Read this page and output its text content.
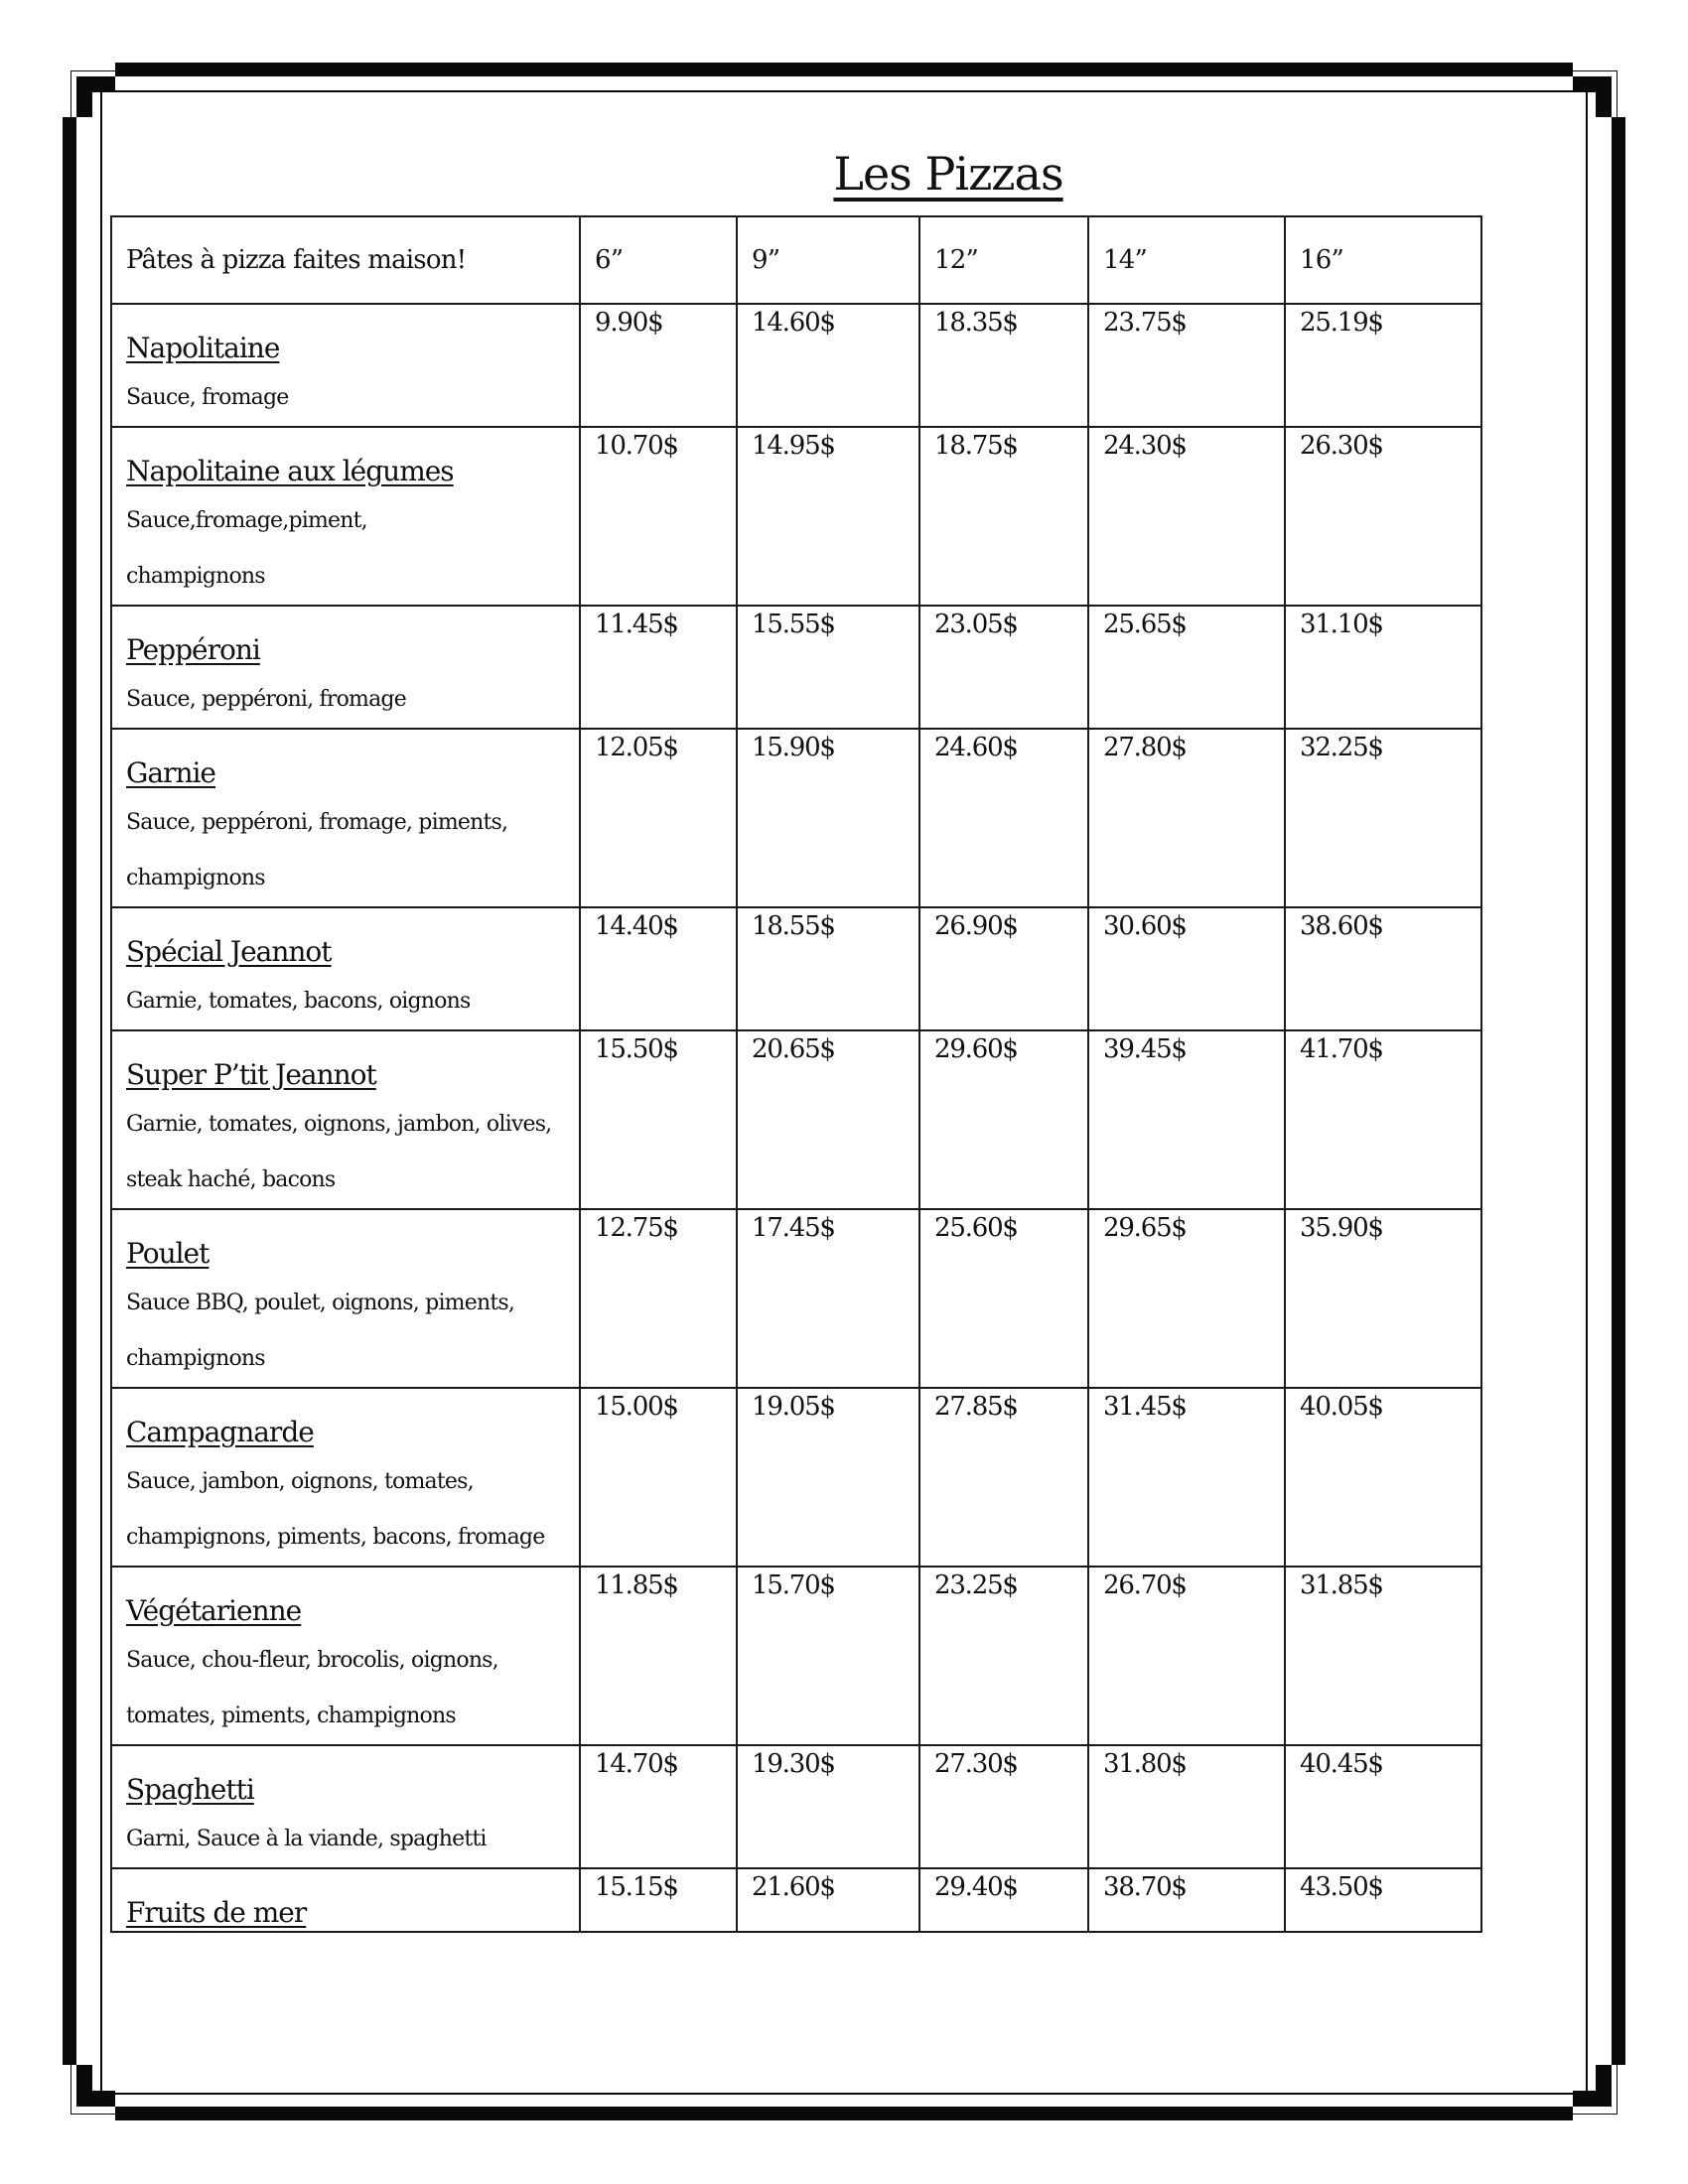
Les Pizzas
Pâtes à pizza faites maison!	6”	9”	12”	14”	16”

Napolitaine
Sauce, fromage	9.90$	14.60$	18.35$	23.75$	25.19$

Napolitaine aux légumes
Sauce,fromage,piment,
champignons	10.70$	14.95$	18.75$	24.30$	26.30$

Peppéroni
Sauce, peppéroni, fromage	11.45$	15.55$	23.05$	25.65$	31.10$

Garnie
Sauce, peppéroni, fromage, piments,
champignons	12.05$	15.90$	24.60$	27.80$	32.25$

Spécial Jeannot
Garnie, tomates, bacons, oignons	14.40$	18.55$	26.90$	30.60$	38.60$

Super P’tit Jeannot
Garnie, tomates, oignons, jambon, olives,
steak haché, bacons	15.50$	20.65$	29.60$	39.45$	41.70$

Poulet
Sauce BBQ, poulet, oignons, piments,
champignons	12.75$	17.45$	25.60$	29.65$	35.90$

Campagnarde
Sauce, jambon, oignons, tomates,
champignons, piments, bacons, fromage	15.00$	19.05$	27.85$	31.45$	40.05$

Végétarienne
Sauce, chou-fleur, brocolis, oignons,
tomates, piments, champignons	11.85$	15.70$	23.25$	26.70$	31.85$

Spaghetti
Garni, Sauce à la viande, spaghetti	14.70$	19.30$	27.30$	31.80$	40.45$

Fruits de mer	15.15$	21.60$	29.40$	38.70$	43.50$
